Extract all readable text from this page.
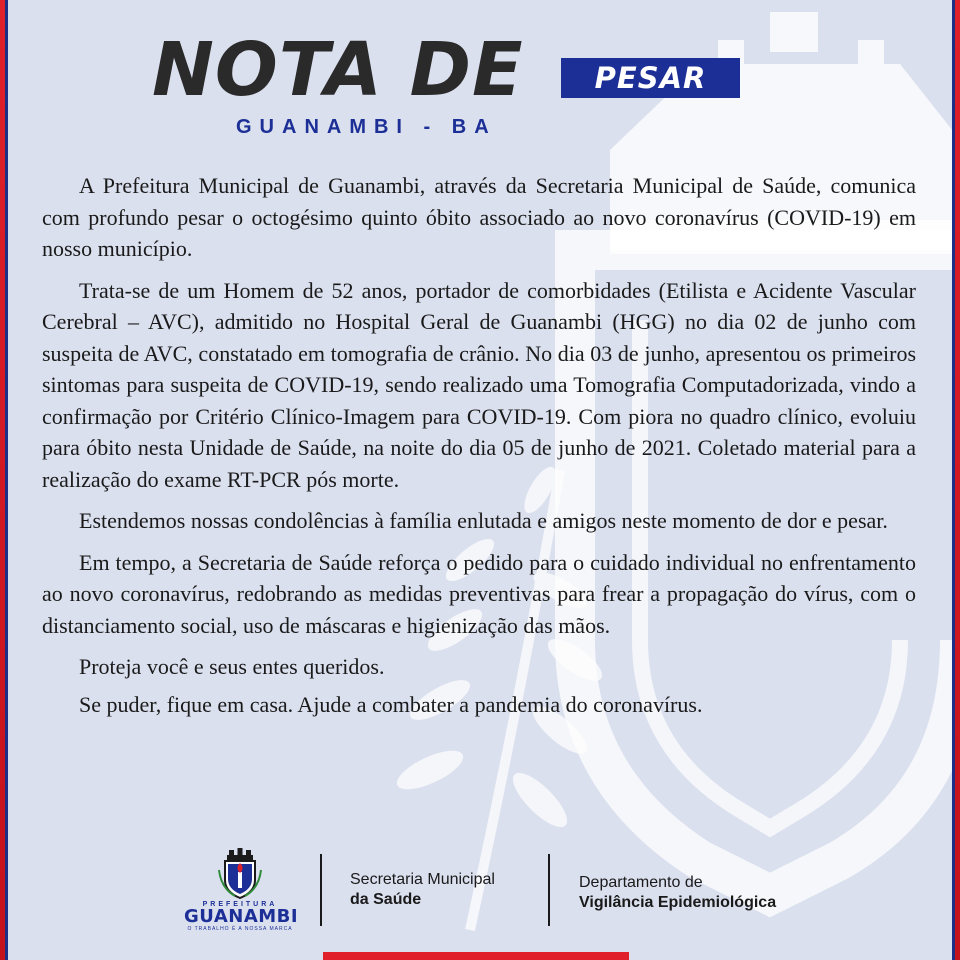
NOTA DE	PESAR
GUANAMBI - BA

A Prefeitura Municipal de Guanambi, através da Secretaria Municipal de Saúde, comunica com profundo pesar o octogésimo quinto óbito associado ao novo coronavírus (COVID-19) em nosso município.

Trata-se de um Homem de 52 anos, portador de comorbidades (Etilista e Acidente Vascular Cerebral – AVC), admitido no Hospital Geral de Guanambi (HGG) no dia 02 de junho com suspeita de AVC, constatado em tomografia de crânio. No dia 03 de junho, apresentou os primeiros sintomas para suspeita de COVID-19, sendo realizado uma Tomografia Computadorizada, vindo a confirmação por Critério Clínico-Imagem para COVID-19. Com piora no quadro clínico, evoluiu para óbito nesta Unidade de Saúde, na noite do dia 05 de junho de 2021. Coletado material para a realização do exame RT-PCR pós morte.

Estendemos nossas condolências à família enlutada e amigos neste momento de dor e pesar.

Em tempo, a Secretaria de Saúde reforça o pedido para o cuidado individual no enfrentamento ao novo coronavírus, redobrando as medidas preventivas para frear a propagação do vírus, com o distanciamento social, uso de máscaras e higienização das mãos.

Proteja você e seus entes queridos.

Se puder, fique em casa. Ajude a combater a pandemia do coronavírus.

PREFEITURA
GUANAMBI
O TRABALHO É A NOSSA MARCA
Secretaria Municipal
da Saúde
Departamento de
Vigilância Epidemiológica
